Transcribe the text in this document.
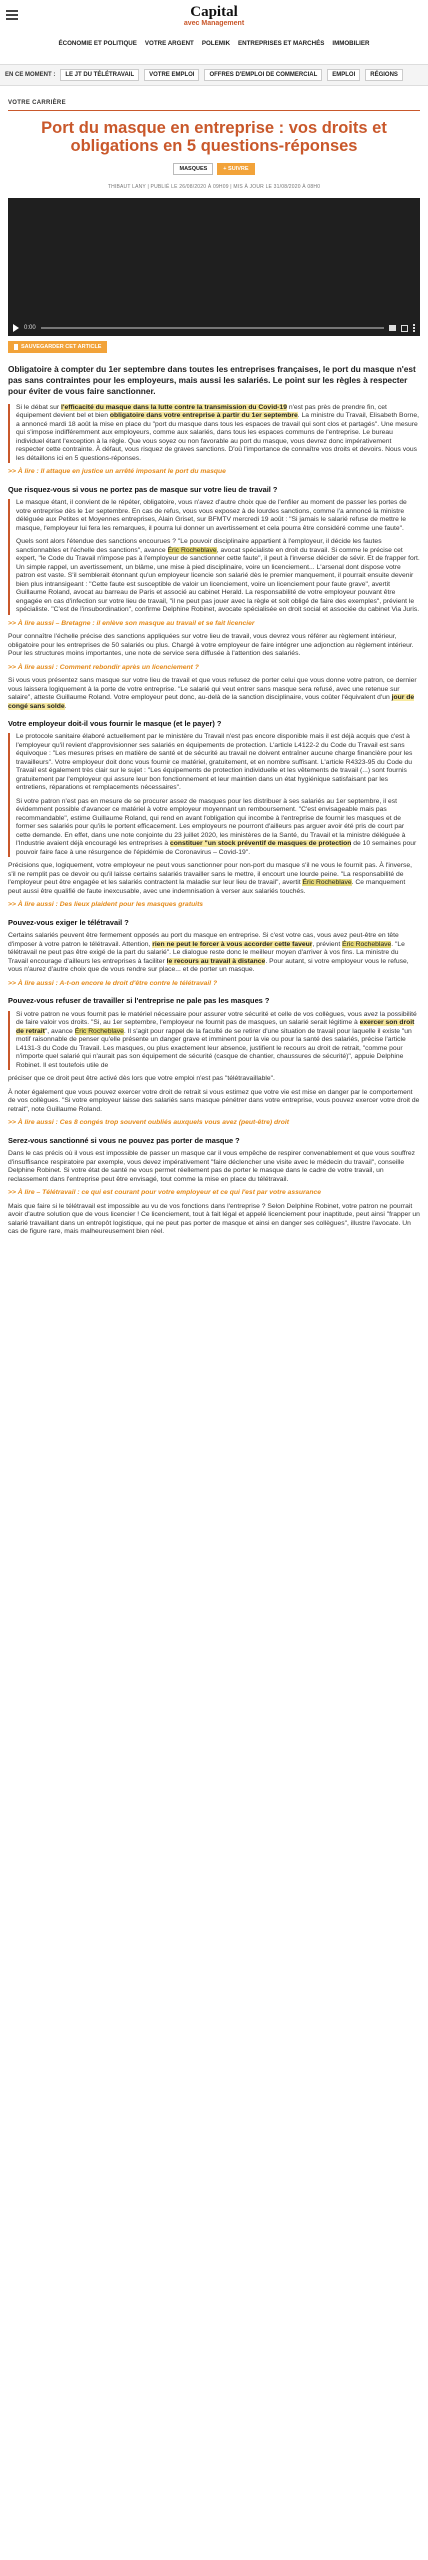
Capital
avec Management
ÉCONOMIE ET POLITIQUE VOTRE ARGENT POLEMIK ENTREPRISES ET MARCHÉS IMMOBILIER
EN CE MOMENT :	LE JT DU TÉLÉTRAVAIL	VOTRE EMPLOI	OFFRES D'EMPLOI DE COMMERCIAL	EMPLOI	RÉGIONS
VOTRE CARRIÈRE
Port du masque en entreprise : vos droits et obligations en 5 questions-réponses
MASQUES	+ SUIVRE
THIBAUT LANY | PUBLIÉ LE 26/08/2020 À 09H09 | MIS À JOUR LE 31/08/2020 À 08H0
0:00
SAUVEGARDER CET ARTICLE

Obligatoire à compter du 1er septembre dans toutes les entreprises françaises, le port du masque n'est pas sans contraintes pour les employeurs, mais aussi les salariés. Le point sur les règles à respecter pour éviter de vous faire sanctionner.

Si le débat sur l'efficacité du masque dans la lutte contre la transmission du Covid-19 n'est pas près de prendre fin, cet équipement devient bel et bien obligatoire dans votre entreprise à partir du 1er septembre. La ministre du Travail, Elisabeth Borne, a annoncé mardi 18 août la mise en place du "port du masque dans tous les espaces de travail qui sont clos et partagés". Une mesure qui s'impose indifféremment aux employeurs, comme aux salariés, dans tous les espaces communs de l'entreprise. Le bureau individuel étant l'exception à la règle. Que vous soyez ou non favorable au port du masque, vous devrez donc impérativement respecter cette contrainte. À défaut, vous risquez de graves sanctions. D'où l'importance de connaître vos droits et devoirs. Nous vous les détaillons ici en 5 questions-réponses.

>> À lire : Il attaque en justice un arrêté imposant le port du masque
Que risquez-vous si vous ne portez pas de masque sur votre lieu de travail ?

Le masque étant, il convient de le répéter, obligatoire, vous n'avez d'autre choix que de l'enfiler au moment de passer les portes de votre entreprise dès le 1er septembre. En cas de refus, vous vous exposez à de lourdes sanctions, comme l'a annoncé la ministre déléguée aux Petites et Moyennes entreprises, Alain Griset, sur BFMTV mercredi 19 août : "Si jamais le salarié refuse de mettre le masque, l'employeur lui fera les remarques, il pourra lui donner un avertissement et cela pourra être considéré comme une faute".

Quels sont alors l'étendue des sanctions encourues ? "Le pouvoir disciplinaire appartient à l'employeur, il décide les fautes sanctionnables et l'échelle des sanctions", avance Éric Rocheblave, avocat spécialiste en droit du travail. Si comme le précise cet expert, "le Code du Travail n'impose pas à l'employeur de sanctionner cette faute", il peut à l'inverse décider de sévir. Et de frapper fort. Un simple rappel, un avertissement, un blâme, une mise à pied disciplinaire, voire un licenciement... L'arsenal dont dispose votre patron est vaste. S'il semblerait étonnant qu'un employeur licencie son salarié dès le premier manquement, il pourrait ensuite devenir bien plus intransigeant : "Cette faute est susceptible de valoir un licenciement, voire un licenciement pour faute grave", avertit Guillaume Roland, avocat au barreau de Paris et associé au cabinet Herald. La responsabilité de votre employeur pouvant être engagée en cas d'infection sur votre lieu de travail, "il ne peut pas jouer avec la règle et soit obligé de faire des exemples", prévient le spécialiste. "C'est de l'insubordination", confirme Delphine Robinet, avocate spécialisée en droit social et associée du cabinet Via Juris.

>> À lire aussi – Bretagne : il enlève son masque au travail et se fait licencier

Pour connaître l'échelle précise des sanctions appliquées sur votre lieu de travail, vous devrez vous référer au règlement intérieur, obligatoire pour les entreprises de 50 salariés ou plus. Chargé à votre employeur de faire intégrer une adjonction au règlement intérieur. Pour les structures moins importantes, une note de service sera diffusée à l'attention des salariés.

>> À lire aussi : Comment rebondir après un licenciement ?

Si vous vous présentez sans masque sur votre lieu de travail et que vous refusez de porter celui que vous donne votre patron, ce dernier vous laissera logiquement à la porte de votre entreprise. "Le salarié qui veut entrer sans masque sera refusé, avec une retenue sur salaire", atteste Guillaume Roland. Votre employeur peut donc, au-delà de la sanction disciplinaire, vous coûter l'équivalent d'un jour de congé sans solde.

Votre employeur doit-il vous fournir le masque (et le payer) ?

Le protocole sanitaire élaboré actuellement par le ministère du Travail n'est pas encore disponible mais il est déjà acquis que c'est à l'employeur qu'il revient d'approvisionner ses salariés en équipements de protection. L'article L4122-2 du Code du Travail est sans équivoque : "Les mesures prises en matière de santé et de sécurité au travail ne doivent entraîner aucune charge financière pour les travailleurs". Votre employeur doit donc vous fournir ce matériel, gratuitement, et en nombre suffisant. L'article R4323-95 du Code du Travail est également très clair sur le sujet : "Les équipements de protection individuelle et les vêtements de travail (...) sont fournis gratuitement par l'employeur qui assure leur bon fonctionnement et leur maintien dans un état hygiénique satisfaisant par les entretiens, réparations et remplacements nécessaires".

Si votre patron n'est pas en mesure de se procurer assez de masques pour les distribuer à ses salariés au 1er septembre, il est évidemment possible d'avancer ce matériel à votre employeur moyennant un remboursement. "C'est envisageable mais pas recommandable", estime Guillaume Roland, qui rend en avant l'obligation qui incombe à l'entreprise de fournir les masques et de former ses salariés pour qu'ils le portent efficacement. Les employeurs ne pourront d'ailleurs pas arguer avoir été pris de court par cette demande. En effet, dans une note conjointe du 23 juillet 2020, les ministères de la Santé, du Travail et la ministre déléguée à l'Industrie avaient déjà encouragé les entreprises à constituer "un stock préventif de masques de protection de 10 semaines pour pouvoir faire face à une résurgence de l'épidémie de Coronavirus – Covid-19".

Précisions que, logiquement, votre employeur ne peut vous sanctionner pour non-port du masque s'il ne vous le fournit pas. À l'inverse, s'il ne remplit pas ce devoir ou qu'il laisse certains salariés travailler sans le mettre, il encourt une lourde peine. "La responsabilité de l'employeur peut être engagée et les salariés contractent la maladie sur leur lieu de travail", avertit Éric Rocheblave. Ce manquement peut aussi être qualifié de faute inexcusable, avec une indemnisation à verser aux salariés touchés.

>> À lire aussi : Des lieux plaident pour les masques gratuits
Pouvez-vous exiger le télétravail ?

Certains salariés peuvent être fermement opposés au port du masque en entreprise. Si c'est votre cas, vous avez peut-être en tête d'imposer à votre patron le télétravail. Attention, rien ne peut le forcer à vous accorder cette faveur, prévient Éric Rocheblave. "Le télétravail ne peut pas être exigé de la part du salarié". Le dialogue reste donc le meilleur moyen d'arriver à vos fins. La ministre du Travail encourage d'ailleurs les entreprises à faciliter le recours au travail à distance. Pour autant, si votre employeur vous le refuse, vous n'aurez d'autre choix que de vous rendre sur place... et de porter un masque.

>> À lire aussi : A-t-on encore le droit d'être contre le télétravail ?
Pouvez-vous refuser de travailler si l'entreprise ne pale pas les masques ?

Si votre patron ne vous fournit pas le matériel nécessaire pour assurer votre sécurité et celle de vos collègues, vous avez la possibilité de faire valoir vos droits. "Si, au 1er septembre, l'employeur ne fournit pas de masques, un salarié serait légitime à exercer son droit de retrait", avance Éric Rocheblave. Il s'agit pour rappel de la faculté de se retirer d'une situation de travail pour laquelle il existe "un motif raisonnable de penser qu'elle présente un danger grave et imminent pour la vie ou pour la santé des salariés, précise l'article L4131-3 du Code du Travail. Les masques, ou plus exactement leur absence, justifient le recours au droit de retrait, "comme pour n'importe quel salarié qui n'aurait pas son équipement de sécurité (casque de chantier, chaussures de sécurité)", appuie Delphine Robinet. Il est toutefois utile de

préciser que ce droit peut être activé dès lors que votre emploi n'est pas "télétravaillable".

À noter également que vous pouvez exercer votre droit de retrait si vous estimez que votre vie est mise en danger par le comportement de vos collègues. "Si votre employeur laisse des salariés sans masque pénétrer dans votre entreprise, vous pouvez exercer votre droit de retrait", note Guillaume Roland.

>> À lire aussi : Ces 8 congés trop souvent oubliés auxquels vous avez (peut-être) droit
Serez-vous sanctionné si vous ne pouvez pas porter de masque ?

Dans le cas précis où il vous est impossible de passer un masque car il vous empêche de respirer convenablement et que vous souffrez d'insuffisance respiratoire par exemple, vous devez impérativement "faire déclencher une visite avec le médecin du travail", conseille Delphine Robinet. Si votre état de santé ne vous permet réellement pas de porter le masque dans le cadre de votre travail, un reclassement dans l'entreprise peut être envisagé, tout comme la mise en place du télétravail.

>> À lire – Télétravail : ce qui est courant pour votre employeur et ce qui l'est par votre assurance

Mais que faire si le télétravail est impossible au vu de vos fonctions dans l'entreprise ? Selon Delphine Robinet, votre patron ne pourrait avoir d'autre solution que de vous licencier ! Ce licenciement, tout à fait légal et appelé licenciement pour inaptitude, peut ainsi "frapper un salarié travaillant dans un entrepôt logistique, qui ne peut pas porter de masque et ainsi en danger ses collègues", illustre l'avocate. Un cas de figure rare, mais malheureusement bien réel.
